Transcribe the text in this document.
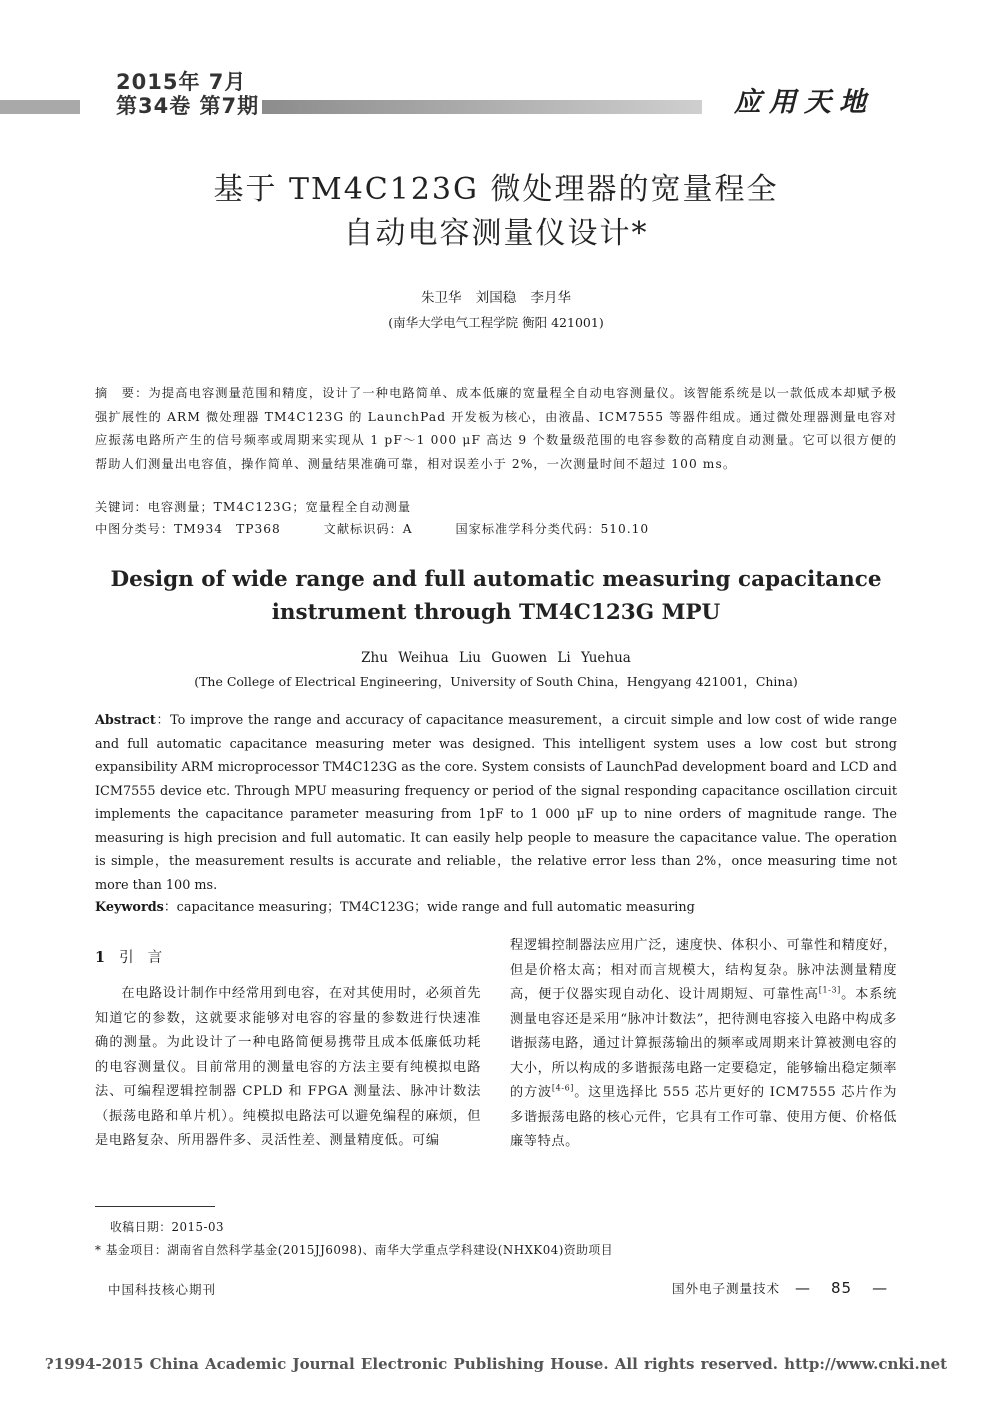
2015年 7月
第34卷 第7期	应用天地
基于 TM4C123G 微处理器的宽量程全
自动电容测量仪设计*
朱卫华 刘国稳 李月华
(南华大学电气工程学院 衡阳 421001)
摘　要：为提高电容测量范围和精度，设计了一种电路简单、成本低廉的宽量程全自动电容测量仪。该智能系统是以一款低成本却赋予极强扩展性的 ARM 微处理器 TM4C123G 的 LaunchPad 开发板为核心，由液晶、ICM7555 等器件组成。通过微处理器测量电容对应振荡电路所产生的信号频率或周期来实现从 1 pF～1 000 μF 高达 9 个数量级范围的电容参数的高精度自动测量。它可以很方便的帮助人们测量出电容值，操作简单、测量结果准确可靠，相对误差小于 2%，一次测量时间不超过 100 ms。
关键词：电容测量；TM4C123G；宽量程全自动测量
中图分类号：TM934　TP368	文献标识码：A	国家标准学科分类代码：510.10
Design of wide range and full automatic measuring capacitance
instrument through TM4C123G MPU
Zhu Weihua Liu Guowen Li Yuehua
(The College of Electrical Engineering，University of South China，Hengyang 421001，China)
Abstract：To improve the range and accuracy of capacitance measurement，a circuit simple and low cost of wide range and full automatic capacitance measuring meter was designed. This intelligent system uses a low cost but strong expansibility ARM microprocessor TM4C123G as the core. System consists of LaunchPad development board and LCD and ICM7555 device etc. Through MPU measuring frequency or period of the signal responding capacitance oscillation circuit implements the capacitance parameter measuring from 1pF to 1 000 μF up to nine orders of magnitude range. The measuring is high precision and full automatic. It can easily help people to measure the capacitance value. The operation is simple，the measurement results is accurate and reliable，the relative error less than 2%，once measuring time not more than 100 ms.
Keywords：capacitance measuring；TM4C123G；wide range and full automatic measuring
1 引言
在电路设计制作中经常用到电容，在对其使用时，必须首先知道它的参数，这就要求能够对电容的容量的参数进行快速准确的测量。为此设计了一种电路简便易携带且成本低廉低功耗的电容测量仪。目前常用的测量电容的方法主要有纯模拟电路法、可编程逻辑控制器 CPLD 和 FPGA 测量法、脉冲计数法（振荡电路和单片机）。纯模拟电路法可以避免编程的麻烦，但是电路复杂、所用器件多、灵活性差、测量精度低。可编
程逻辑控制器法应用广泛，速度快、体积小、可靠性和精度好，但是价格太高；相对而言规模大，结构复杂。脉冲法测量精度高，便于仪器实现自动化、设计周期短、可靠性高[1-3]。本系统测量电容还是采用“脉冲计数法”，把待测电容接入电路中构成多谐振荡电路，通过计算振荡输出的频率或周期来计算被测电容的大小，所以构成的多谐振荡电路一定要稳定，能够输出稳定频率的方波[4-6]。这里选择比 555 芯片更好的 ICM7555 芯片作为多谐振荡电路的核心元件，它具有工作可靠、使用方便、价格低廉等特点。
收稿日期：2015-03
* 基金项目：湖南省自然科学基金(2015JJ6098)、南华大学重点学科建设(NHXK04)资助项目
中国科技核心期刊	国外电子测量技术 — 85 —
?1994-2015 China Academic Journal Electronic Publishing House. All rights reserved. http://www.cnki.net
